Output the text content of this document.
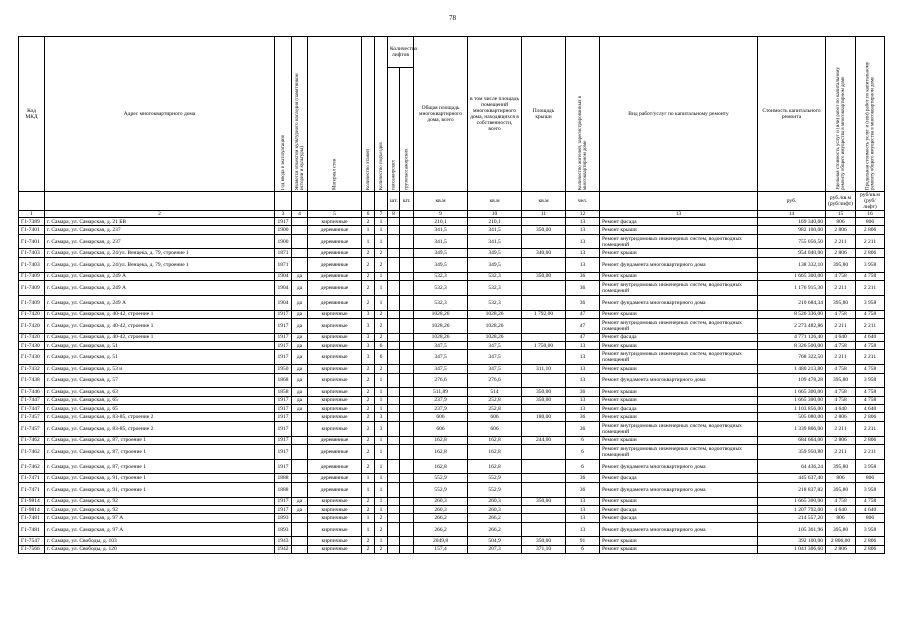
78
Код МКД	Адрес многоквартирного дома	Год ввода в эксплуатацию	Является объектом культурного наследия (памятником истории и культуры)	Материал стен	Количество этажей	Количество подъездов	Количество лифтов		Общая площадь многоквартирного дома, всего	в том числе площадь помещений многоквартирного дома, находящихся в собственности, всего	Площадь крыши	Количество жителей, зарегистрированных в многоквартирном доме	Вид работ/услуг по капитальному ремонту	Стоимость капитального ремонта	Удельная стоимость услуг и (или) работ по капитальному ремонту общего имущества в многоквартирном доме	Предельная стоимость услуг и (или) работ по капитальному ремонту общего имущества в многоквартирном доме
							пассажирских	грузопассажирских								
							шт.	шт.	кв.м	кв.м	кв.м	чел.		руб.	руб./кв.м (руб/лифт)	руб/кв.м (руб/лифт)
1	2	3	4	5	6	7	8		9	10	11	12	13	14	15	16
Г1-7389	г. Самара, ул. Самарская, д. 21 БВ	1917		кирпичные	2	1			210,1	210,1		13	Ремонт фасада	169 340,60	806	806
Г1-7401	г. Самара, ул. Самарская, д. 237	1900		деревянные	1	1			341,5	341,5	350,00	13	Ремонт крыши	982 100,00	2 806	2 806
Г1-7401	г. Самара, ул. Самарская, д. 237	1900		деревянные	1	1			341,5	341,5		13	Ремонт внутридомовых инженерных систем, водоотводных помещений	755 056,50	2 211	2 211
Г1-7403	г. Самара, ул. Самарская, д. 24/ул. Венцека, д. 79, строение 1	1871		деревянные	2	2			349,5	349,5	340,00	13	Ремонт крыши	954 040,00	2 806	2 806
Г1-7403	г. Самара, ул. Самарская, д. 24/ул. Венцека, д. 79, строение 1	1871		деревянные	2	2			349,5	349,5		13	Ремонт фундамента многоквартирного дома	138 332,10	395,80	3 958
Г1-7409	г. Самара, ул. Самарская, д. 249 А	1904	да	деревянные	2	1			532,3	532,3	350,00	36	Ремонт крыши	1 665 300,00	4 758	4 758
Г1-7409	г. Самара, ул. Самарская, д. 249 А	1904	да	деревянные	2	1			532,3	532,3		36	Ремонт внутридомовых инженерных систем, водоотводных помещений	1 176 915,30	2 211	2 211
Г1-7409	г. Самара, ул. Самарская, д. 249 А	1904	да	деревянные	2	1			532,3	532,3		36	Ремонт фундамента многоквартирного дома	210 684,34	395,80	3 958
Г1-7420	г. Самара, ул. Самарская, д. 40-42, строение 1	1917	да	кирпичные	3	2			1028,26	1028,26	1 792,00	47	Ремонт крыши	8 526 336,00	4 758	4 758
Г1-7420	г. Самара, ул. Самарская, д. 40-42, строение 1	1917	да	кирпичные	3	2			1028,26	1028,26		47	Ремонт внутридомовых инженерных систем, водоотводных помещений	2 273 482,86	2 211	2 211
Г1-7420	г. Самара, ул. Самарская, д. 40-42, строение 1	1917	да	кирпичные	3	2			1028,26	1028,26		47	Ремонт фасада	4 771 126,40	4 640	4 640
Г1-7430	г. Самара, ул. Самарская, д. 51	1917	да	кирпичные	3	6			347,5	347,5	1 750,00	13	Ремонт крыши	8 326 500,00	4 758	4 758
Г1-7430	г. Самара, ул. Самарская, д. 51	1917	да	кирпичные	3	6			347,5	347,5		13	Ремонт внутридомовых инженерных систем, водоотводных помещений	768 322,50	2 211	2 211
Г1-7432	г. Самара, ул. Самарская, д. 53 и	1950	да	кирпичные	2	2			347,5	347,5	311,10	13	Ремонт крыши	1 480 213,80	4 758	4 758
Г1-7438	г. Самара, ул. Самарская, д. 57	1868	да	кирпичные	2	1			276,6	276,6		13	Ремонт фундамента многоквартирного дома	109 478,28	395,80	3 958
Г1-7446	г. Самара, ул. Самарская, д. 63	1858	да	кирпичные	2	1			511,89	514	350,00	36	Ремонт крыши	1 665 300,00	4 758	4 758
Г1-7447	г. Самара, ул. Самарская, д. 65	1917	да	кирпичные	2	1			237,9	252,8	350,00	13	Ремонт крыши	1 665 300,00	4 758	4 758
Г1-7447	г. Самара, ул. Самарская, д. 65	1917	да	кирпичные	2	1			237,9	252,8		13	Ремонт фасада	1 103 856,00	4 640	4 640
Г1-7457	г. Самара, ул. Самарская, д. 83-85, строение 2	1917		кирпичные	2	3			606	606	180,00	36	Ремонт крыши	505 080,00	2 806	2 806
Г1-7457	г. Самара, ул. Самарская, д. 83-85, строение 2	1917		кирпичные	2	3			606	606		36	Ремонт внутридомовых инженерных систем, водоотводных помещений	1 339 866,00	2 211	2 211
Г1-7462	г. Самара, ул. Самарская, д. 87, строение 1	1917		деревянные	2	1			162,8	162,8	244,00	6	Ремонт крыши	684 664,00	2 806	2 806
Г1-7462	г. Самара, ул. Самарская, д. 87, строение 1	1917		деревянные	2	1			162,8	162,8		6	Ремонт внутридомовых инженерных систем, водоотводных помещений	359 950,80	2 211	2 211
Г1-7462	г. Самара, ул. Самарская, д. 87, строение 1	1917		деревянные	2	1			162,8	162,8		6	Ремонт фундамента многоквартирного дома	64 436,24	395,80	3 958
Г1-7471	г. Самара, ул. Самарская, д. 91, строение 1	1888		деревянные	1	1			552,9	552,9		36	Ремонт фасада	445 637,40	806	806
Г1-7471	г. Самара, ул. Самарская, д. 91, строение 1	1888		деревянные	1	1			552,9	552,9		36	Ремонт фундамента многоквартирного дома	218 837,82	395,80	3 958
Г1-9814	г. Самара, ул. Самарская, д. 92	1917	да	кирпичные	2	1			260,3	260,3	350,00	13	Ремонт крыши	1 665 300,00	4 758	4 758
Г1-9814	г. Самара, ул. Самарская, д. 92	1917	да	кирпичные	2	1			260,3	260,3		13	Ремонт фасада	1 207 792,00	4 640	4 640
Г1-7481	г. Самара, ул. Самарская, д. 97 А	1893		кирпичные	1	2			266,2	266,2		13	Ремонт фасада	214 557,20	806	806
Г1-7481	г. Самара, ул. Самарская, д. 97 А	1893		кирпичные	1	2			266,2	266,2		13	Ремонт фундамента многоквартирного дома	105 361,96	395,80	3 958
Г1-7547	г. Самара, ул. Свободы, д. 103	1943		кирпичные	2	1			2049,8	504,9	350,00	91	Ремонт крыши	392 100,00	2 806,00	2 806
Г1-7566	г. Самара, ул. Свободы, д. 120	1942		кирпичные	2	2			157,4	207,3	371,10	6	Ремонт крыши	1 041 306,60	2 806	2 806
